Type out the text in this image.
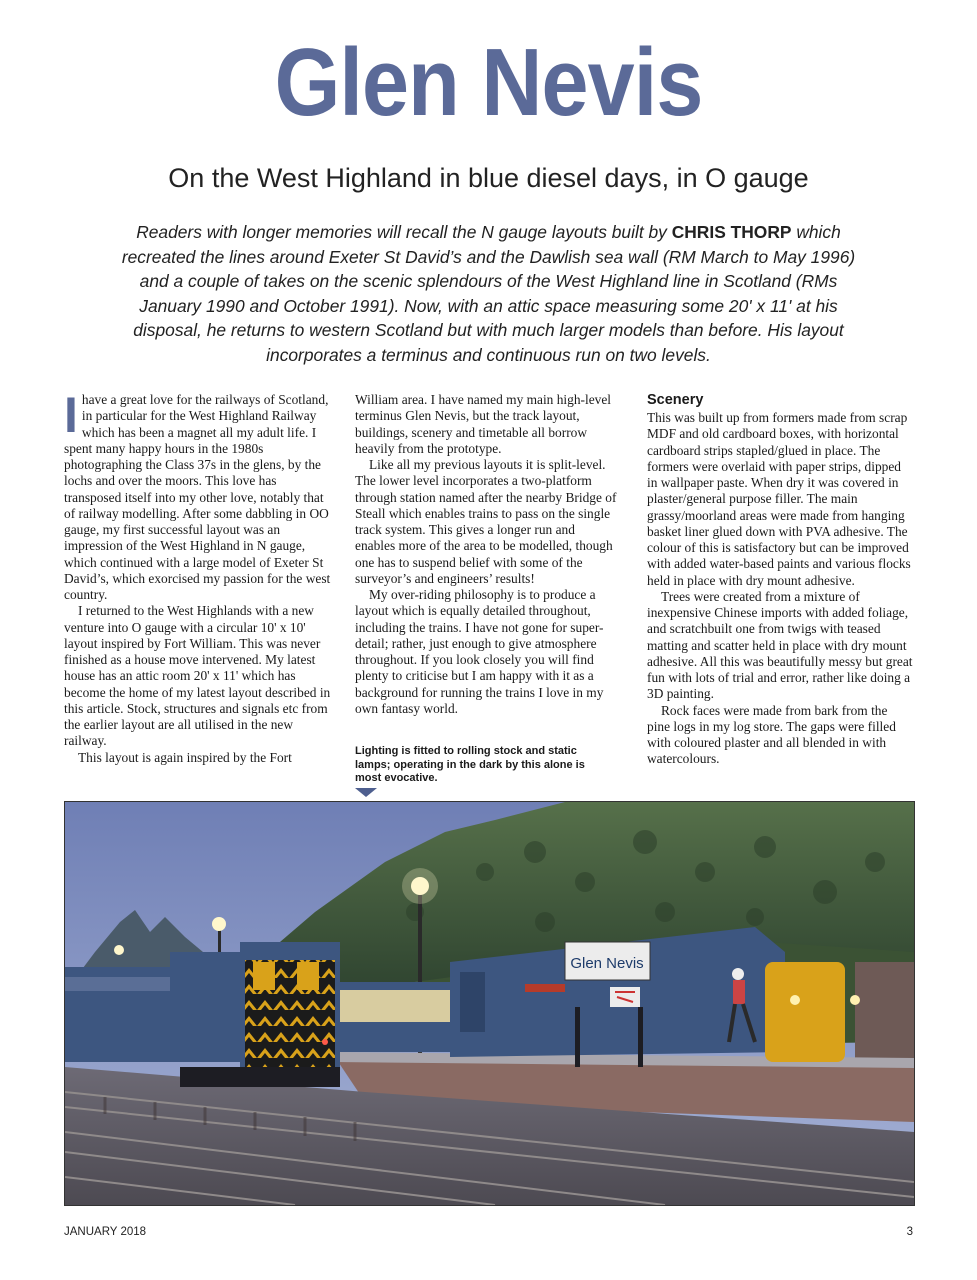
Glen Nevis
On the West Highland in blue diesel days, in O gauge
Readers with longer memories will recall the N gauge layouts built by CHRIS THORP which recreated the lines around Exeter St David’s and the Dawlish sea wall (RM March to May 1996) and a couple of takes on the scenic splendours of the West Highland line in Scotland (RMs January 1990 and October 1991). Now, with an attic space measuring some 20' x 11' at his disposal, he returns to western Scotland but with much larger models than before. His layout incorporates a terminus and continuous run on two levels.

Ihave a great love for the railways of Scotland, in particular for the West Highland Railway which has been a magnet all my adult life. I spent many happy hours in the 1980s photographing the Class 37s in the glens, by the lochs and over the moors. This love has transposed itself into my other love, notably that of railway modelling. After some dabbling in OO gauge, my first successful layout was an impression of the West Highland in N gauge, which continued with a large model of Exeter St David’s, which exorcised my passion for the west country.

I returned to the West Highlands with a new venture into O gauge with a circular 10' x 10' layout inspired by Fort William. This was never finished as a house move intervened. My latest house has an attic room 20' x 11' which has become the home of my latest layout described in this article. Stock, structures and signals etc from the earlier layout are all utilised in the new railway.

This layout is again inspired by the Fort

William area. I have named my main high-level terminus Glen Nevis, but the track layout, buildings, scenery and timetable all borrow heavily from the prototype.

Like all my previous layouts it is split-level. The lower level incorporates a two-platform through station named after the nearby Bridge of Steall which enables trains to pass on the single track system. This gives a longer run and enables more of the area to be modelled, though one has to suspend belief with some of the surveyor’s and engineers’ results!

My over-riding philosophy is to produce a layout which is equally detailed throughout, including the trains. I have not gone for super-detail; rather, just enough to give atmosphere throughout. If you look closely you will find plenty to criticise but I am happy with it as a background for running the trains I love in my own fantasy world.

Lighting is fitted to rolling stock and static lamps; operating in the dark by this alone is most evocative.
Scenery

This was built up from formers made from scrap MDF and old cardboard boxes, with horizontal cardboard strips stapled/glued in place. The formers were overlaid with paper strips, dipped in wallpaper paste. When dry it was covered in plaster/general purpose filler. The main grassy/moorland areas were made from hanging basket liner glued down with PVA adhesive. The colour of this is satisfactory but can be improved with added water-based paints and various flocks held in place with dry mount adhesive.

Trees were created from a mixture of inexpensive Chinese imports with added foliage, and scratchbuilt one from twigs with teased matting and scatter held in place with dry mount adhesive. All this was beautifully messy but great fun with lots of trial and error, rather like doing a 3D painting.

Rock faces were made from bark from the pine logs in my log store. The gaps were filled with coloured plaster and all blended in with watercolours.

Glen Nevis
JANUARY 2018	3
